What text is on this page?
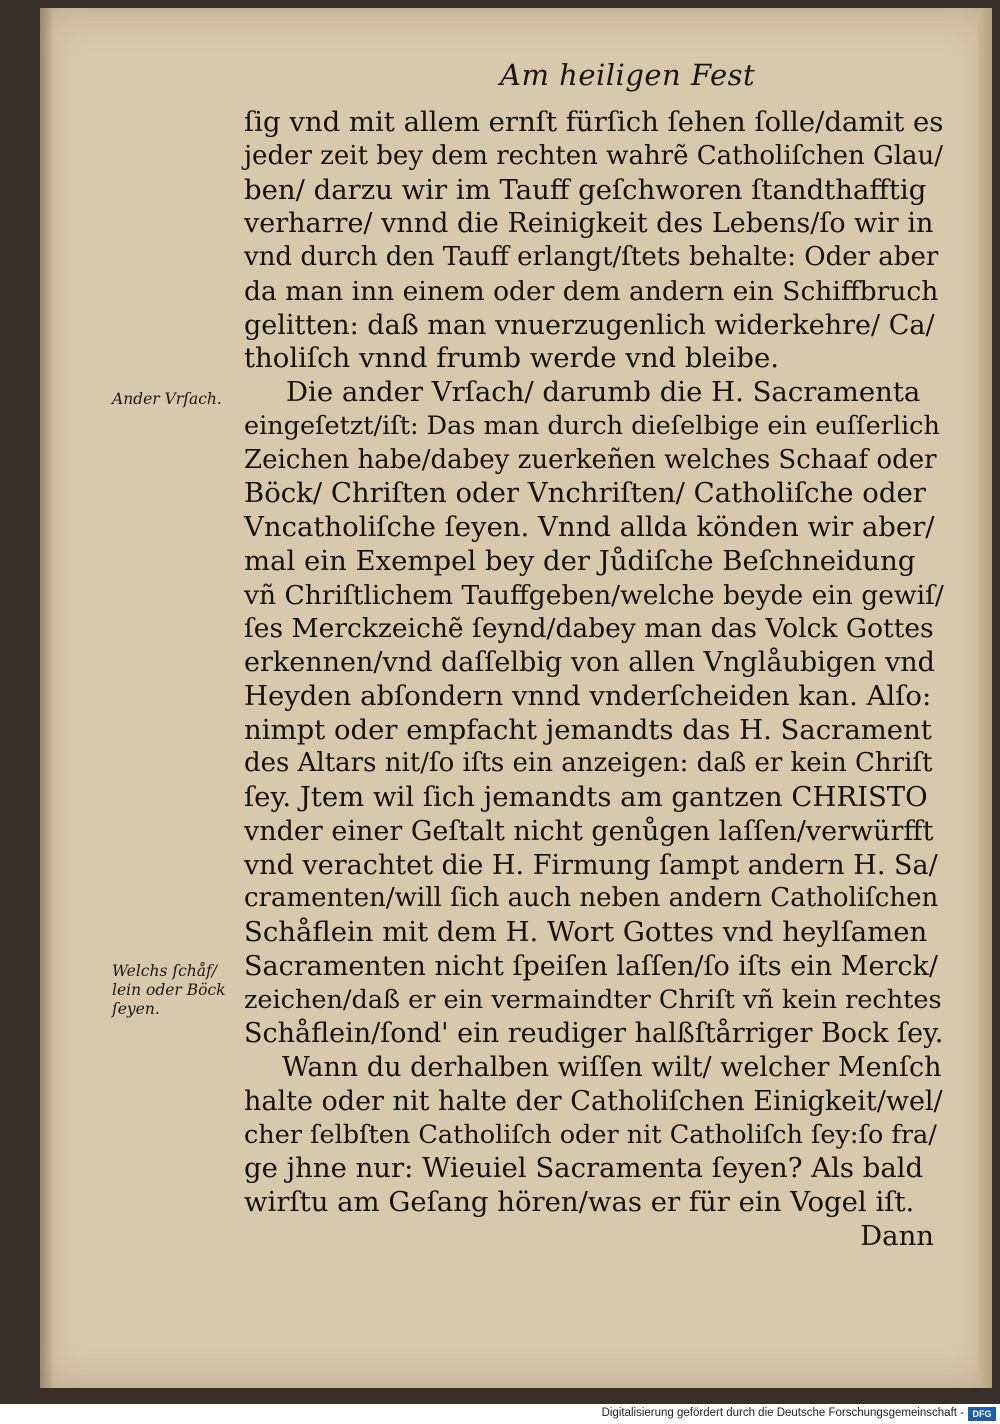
Am heiligen Fest
Ander Vrſach.
Welchs ſchåf/
lein oder Böck
ſeyen.
ſig vnd mit allem ernſt fürſich ſehen ſolle/damit es
jeder zeit bey dem rechten wahrẽ Catholiſchen Glau/
ben/ darzu wir im Tauff geſchworen ſtandthafftig
verharre/ vnnd die Reinigkeit des Lebens/ſo wir in
vnd durch den Tauff erlangt/ſtets behalte: Oder aber
da man inn einem oder dem andern ein Schiffbruch
gelitten: daß man vnuerzugenlich widerkehre/ Ca/
tholiſch vnnd frumb werde vnd bleibe.
Die ander Vrſach/ darumb die H. Sacramenta
eingeſetzt/iſt: Das man durch dieſelbige ein euſſerlich
Zeichen habe/dabey zuerkeñen welches Schaaf oder
Böck/ Chriſten oder Vnchriſten/ Catholiſche oder
Vncatholiſche ſeyen. Vnnd allda könden wir aber/
mal ein Exempel bey der Jůdiſche Beſchneidung
vñ Chriſtlichem Tauffgeben/welche beyde ein gewiſ/
ſes Merckzeichẽ ſeynd/dabey man das Volck Gottes
erkennen/vnd daſſelbig von allen Vnglåubigen vnd
Heyden abſondern vnnd vnderſcheiden kan. Alſo:
nimpt oder empfacht jemandts das H. Sacrament
des Altars nit/ſo iſts ein anzeigen: daß er kein Chriſt
ſey. Jtem wil ſich jemandts am gantzen CHRISTO
vnder einer Geſtalt nicht genůgen laſſen/verwürfft
vnd verachtet die H. Firmung ſampt andern H. Sa/
cramenten/will ſich auch neben andern Catholiſchen
Schåflein mit dem H. Wort Gottes vnd heylſamen
Sacramenten nicht ſpeiſen laſſen/ſo iſts ein Merck/
zeichen/daß er ein vermaindter Chriſt vñ kein rechtes
Schåflein/ſond' ein reudiger halßſtårriger Bock ſey.
Wann du derhalben wiſſen wilt/ welcher Menſch
halte oder nit halte der Catholiſchen Einigkeit/wel/
cher ſelbſten Catholiſch oder nit Catholiſch ſey:ſo fra/
ge jhne nur: Wieuiel Sacramenta ſeyen? Als bald
wirſtu am Geſang hören/was er für ein Vogel iſt.
Dann
Digitalisierung gefördert durch die Deutsche Forschungsgemeinschaft - DFG
